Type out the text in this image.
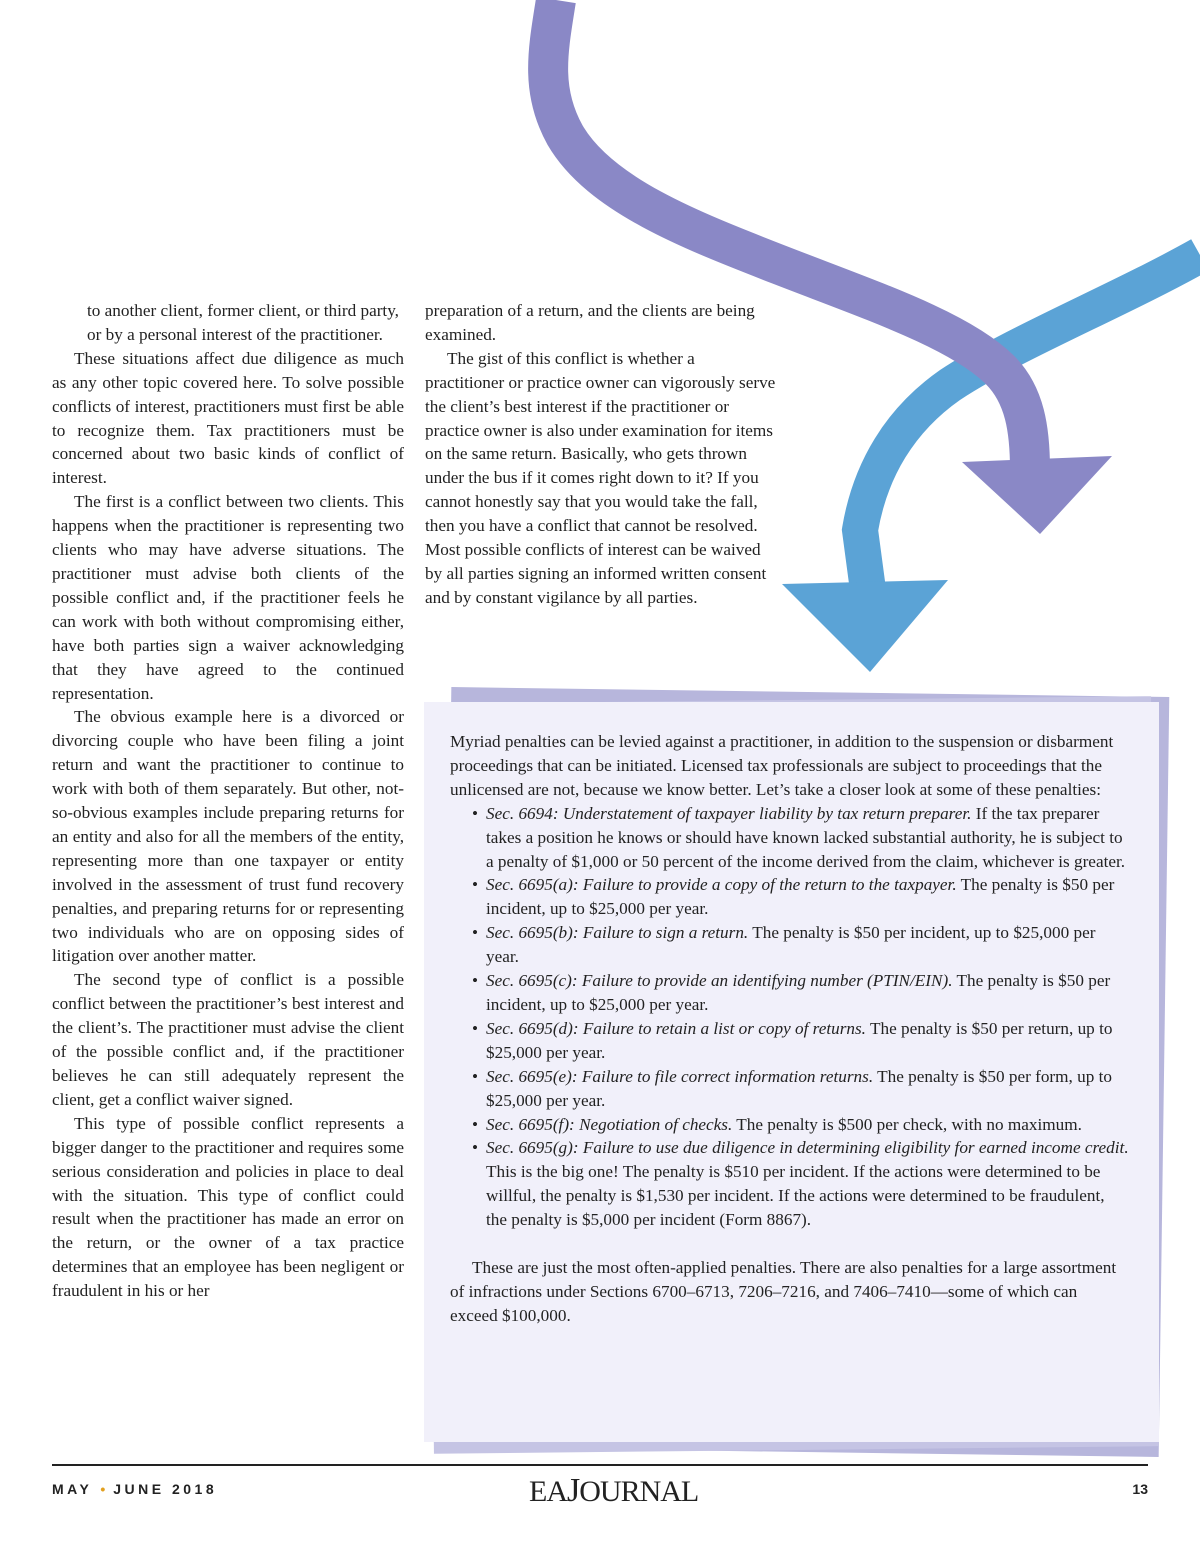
to another client, former client, or third party, or by a personal interest of the practitioner.

These situations affect due diligence as much as any other topic covered here. To solve possible conflicts of interest, practitioners must first be able to recognize them. Tax practitioners must be concerned about two basic kinds of conflict of interest.

The first is a conflict between two clients. This happens when the practitioner is representing two clients who may have adverse situations. The practitioner must advise both clients of the possible conflict and, if the practitioner feels he can work with both without compromising either, have both parties sign a waiver acknowledging that they have agreed to the continued representation.

The obvious example here is a divorced or divorcing couple who have been filing a joint return and want the practitioner to continue to work with both of them separately. But other, not-so-obvious examples include preparing returns for an entity and also for all the members of the entity, representing more than one taxpayer or entity involved in the assessment of trust fund recovery penalties, and preparing returns for or representing two individuals who are on opposing sides of litigation over another matter.

The second type of conflict is a possible conflict between the practitioner’s best interest and the client’s. The practitioner must advise the client of the possible conflict and, if the practitioner believes he can still adequately represent the client, get a conflict waiver signed.

This type of possible conflict represents a bigger danger to the practitioner and requires some serious consideration and policies in place to deal with the situation. This type of conflict could result when the practitioner has made an error on the return, or the owner of a tax practice determines that an employee has been negligent or fraudulent in his or her

preparation of a return, and the clients are being examined.

The gist of this conflict is whether a practitioner or practice owner can vigorously serve the client’s best interest if the practitioner or practice owner is also under examination for items on the same return. Basically, who gets thrown under the bus if it comes right down to it? If you cannot honestly say that you would take the fall, then you have a conflict that cannot be resolved. Most possible conflicts of interest can be waived by all parties signing an informed written consent and by constant vigilance by all parties.

Myriad penalties can be levied against a practitioner, in addition to the suspension or disbarment proceedings that can be initiated. Licensed tax professionals are subject to proceedings that the unlicensed are not, because we know better. Let’s take a closer look at some of these penalties:

• Sec. 6694: Understatement of taxpayer liability by tax return preparer. If the tax preparer takes a position he knows or should have known lacked substantial authority, he is subject to a penalty of $1,000 or 50 percent of the income derived from the claim, whichever is greater.
• Sec. 6695(a): Failure to provide a copy of the return to the taxpayer. The penalty is $50 per incident, up to $25,000 per year.
• Sec. 6695(b): Failure to sign a return. The penalty is $50 per incident, up to $25,000 per year.
• Sec. 6695(c): Failure to provide an identifying number (PTIN/EIN). The penalty is $50 per incident, up to $25,000 per year.
• Sec. 6695(d): Failure to retain a list or copy of returns. The penalty is $50 per return, up to $25,000 per year.
• Sec. 6695(e): Failure to file correct information returns. The penalty is $50 per form, up to $25,000 per year.
• Sec. 6695(f): Negotiation of checks. The penalty is $500 per check, with no maximum.
• Sec. 6695(g): Failure to use due diligence in determining eligibility for earned income credit. This is the big one! The penalty is $510 per incident. If the actions were determined to be willful, the penalty is $1,530 per incident. If the actions were determined to be fraudulent, the penalty is $5,000 per incident (Form 8867).

These are just the most often-applied penalties. There are also penalties for a large assortment of infractions under Sections 6700–6713, 7206–7216, and 7406–7410—some of which can exceed $100,000.

MAY • JUNE 2018	EAJOURNAL	13
